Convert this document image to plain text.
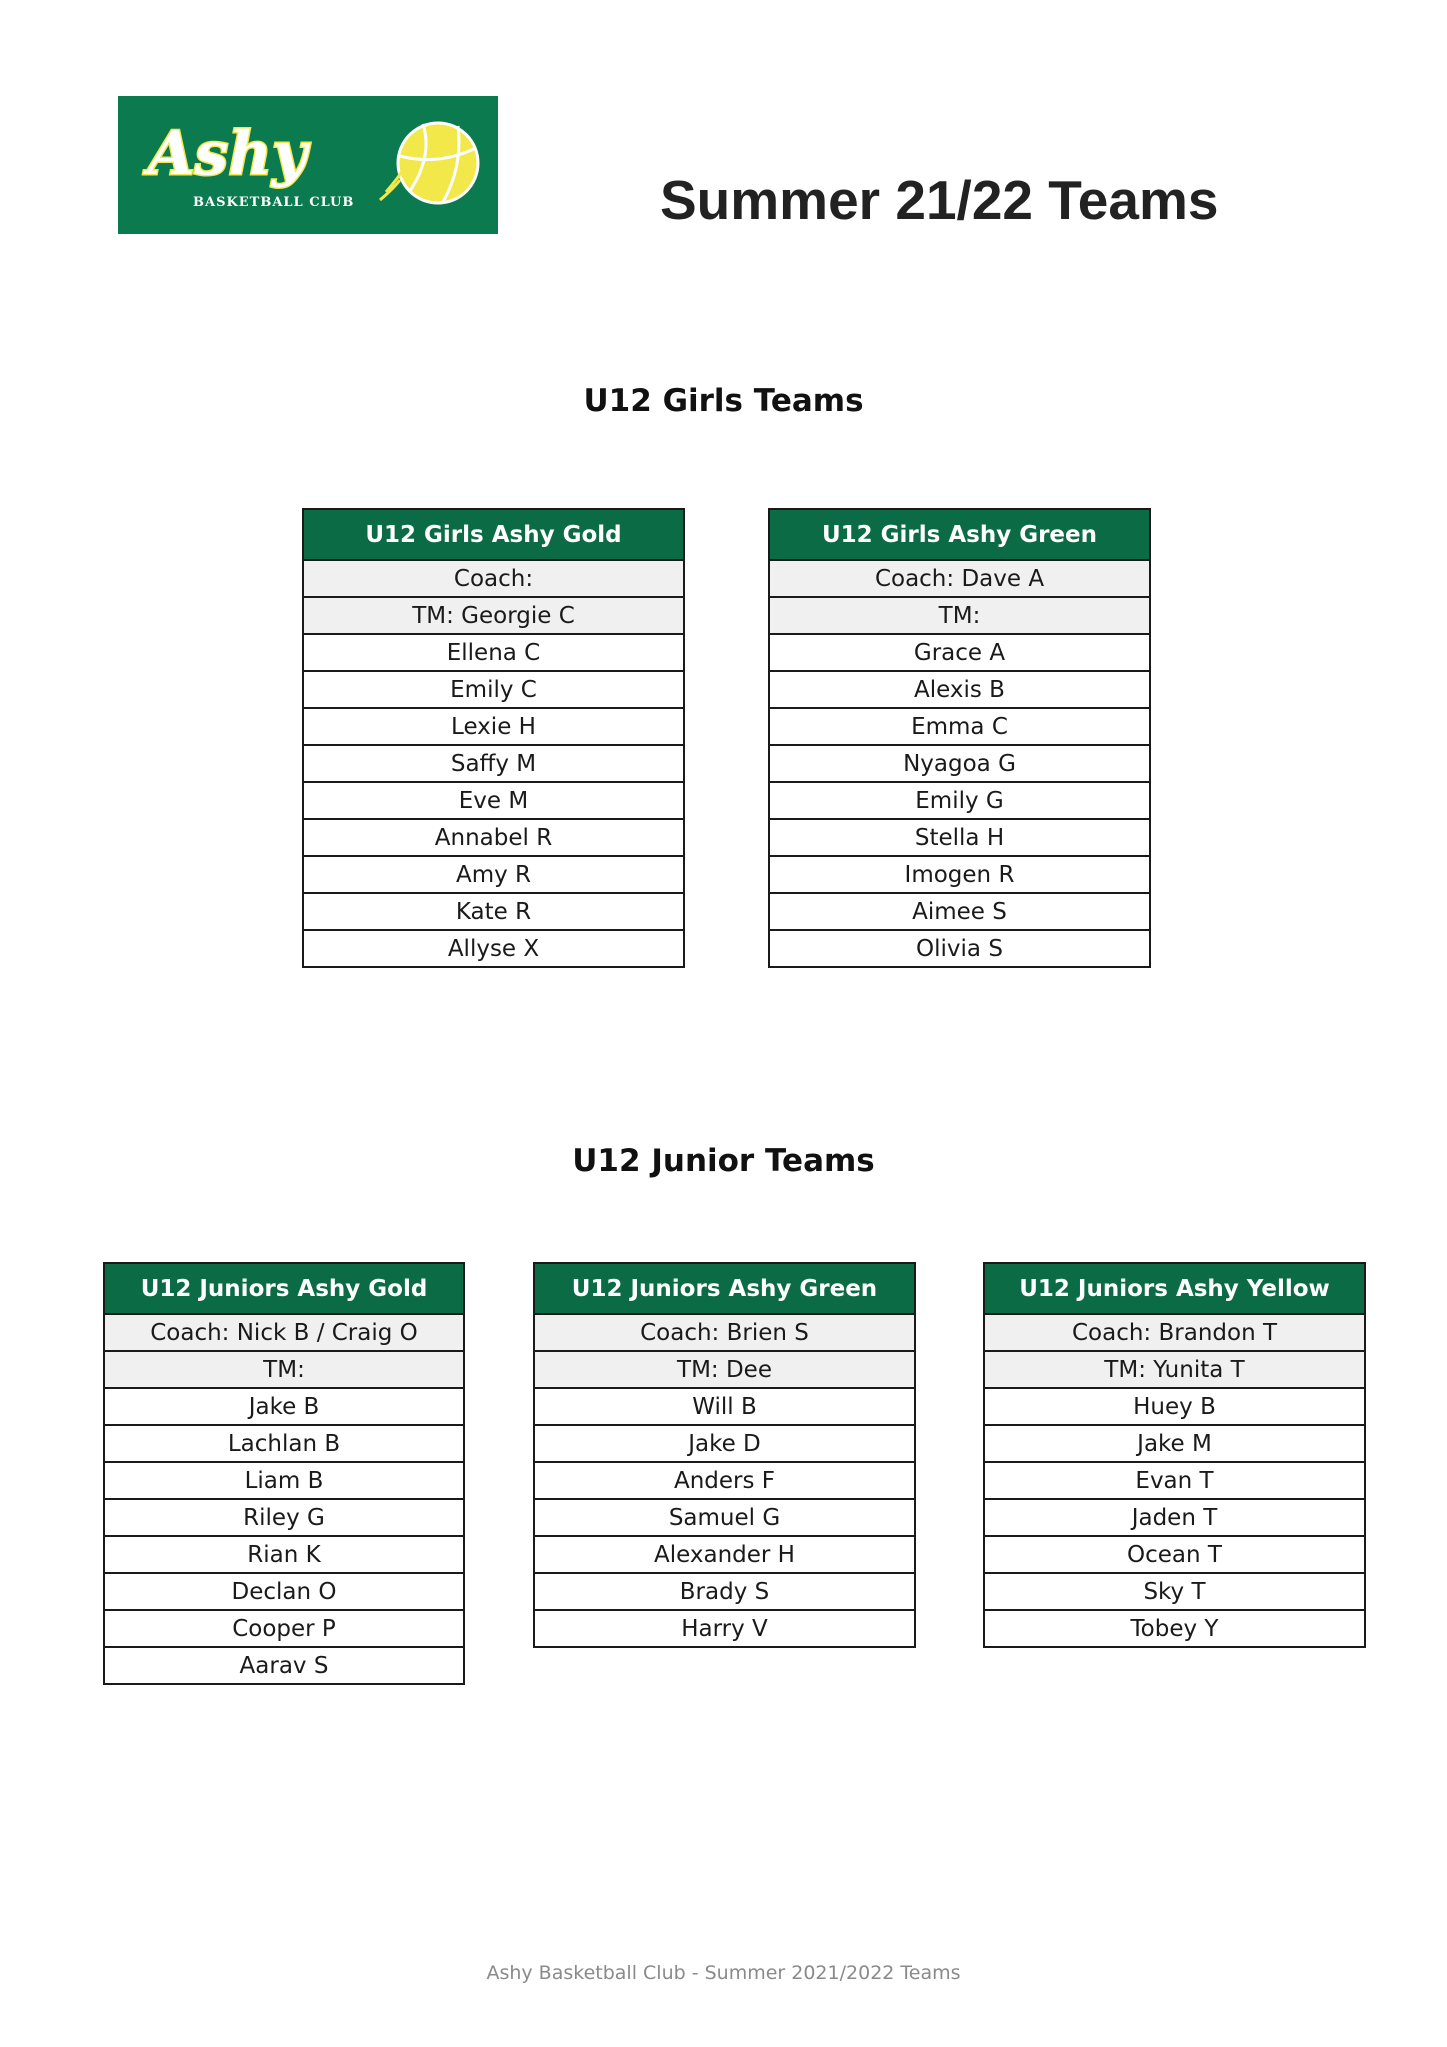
Ashy
BASKETBALL CLUB	Summer 21/22 Teams
U12 Girls Teams
U12 Girls Ashy Gold
Coach:
TM: Georgie C
Ellena C
Emily C
Lexie H
Saffy M
Eve M
Annabel R
Amy R
Kate R
Allyse X
U12 Girls Ashy Green
Coach: Dave A
TM:
Grace A
Alexis B
Emma C
Nyagoa G
Emily G
Stella H
Imogen R
Aimee S
Olivia S
U12 Junior Teams
U12 Juniors Ashy Gold
Coach: Nick B / Craig O
TM:
Jake B
Lachlan B
Liam B
Riley G
Rian K
Declan O
Cooper P
Aarav S
U12 Juniors Ashy Green
Coach: Brien S
TM: Dee
Will B
Jake D
Anders F
Samuel G
Alexander H
Brady S
Harry V
U12 Juniors Ashy Yellow
Coach: Brandon T
TM: Yunita T
Huey B
Jake M
Evan T
Jaden T
Ocean T
Sky T
Tobey Y
Ashy Basketball Club - Summer 2021/2022 Teams
